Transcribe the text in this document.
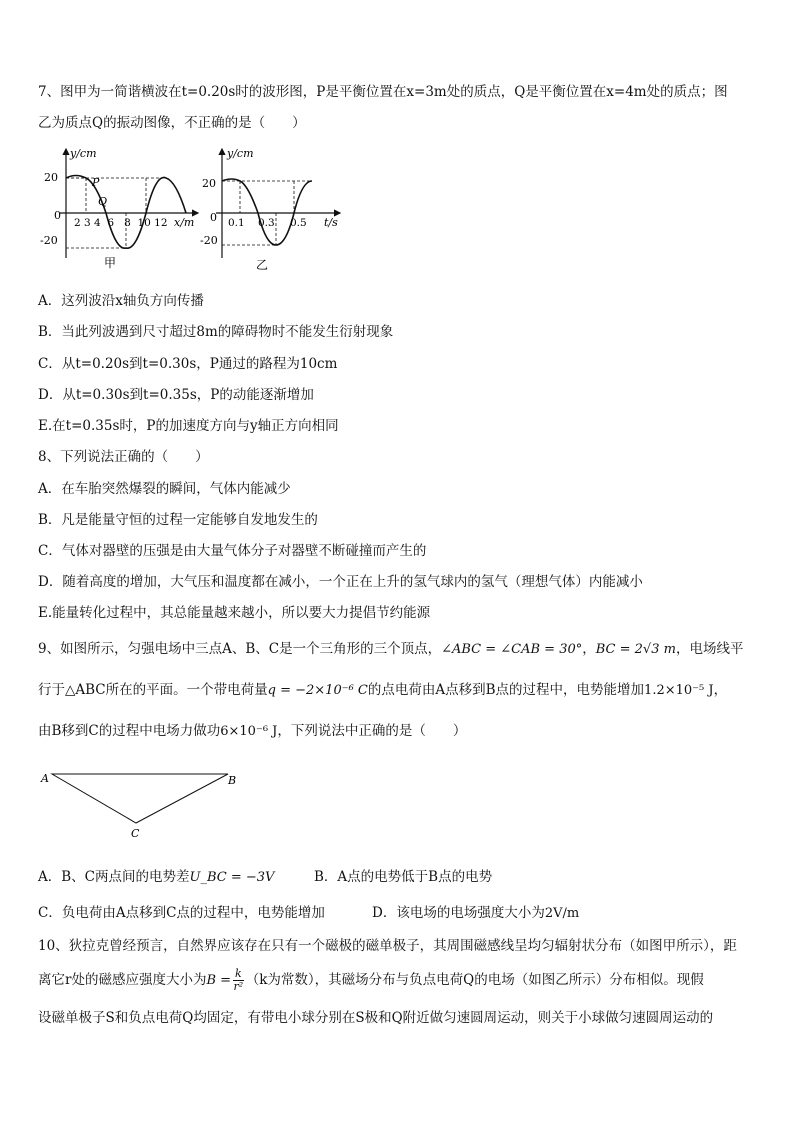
7、图甲为一简谐横波在t=0.20s时的波形图，P是平衡位置在x=3m处的质点，Q是平衡位置在x=4m处的质点；图
乙为质点Q的振动图像，不正确的是（　　）
y/cm
20
-20
0
P
Q
2 3 4  6   8  10 12 x/m
甲
y/cm
20
-20
0 0.1 0.3 0.5 t/s
乙
A．这列波沿x轴负方向传播
B．当此列波遇到尺寸超过8m的障碍物时不能发生衍射现象
C．从t=0.20s到t=0.30s，P通过的路程为10cm
D．从t=0.30s到t=0.35s，P的动能逐渐增加
E.在t=0.35s时，P的加速度方向与y轴正方向相同
8、下列说法正确的（　　）
A．在车胎突然爆裂的瞬间，气体内能减少
B．凡是能量守恒的过程一定能够自发地发生的
C．气体对器壁的压强是由大量气体分子对器壁不断碰撞而产生的
D．随着高度的增加，大气压和温度都在减小，一个正在上升的氢气球内的氢气（理想气体）内能减小
E.能量转化过程中，其总能量越来越小，所以要大力提倡节约能源
9、如图所示，匀强电场中三点A、B、C是一个三角形的三个顶点，∠ABC = ∠CAB = 30°，BC = 2√3 m，电场线平
行于△ABC所在的平面。一个带电荷量q = −2×10⁻⁶ C的点电荷由A点移到B点的过程中，电势能增加1.2×10⁻⁵ J，
由B移到C的过程中电场力做功6×10⁻⁶ J，下列说法中正确的是（　　）
A	B
C
A．B、C两点间的电势差U_BC = −3V	B．A点的电势低于B点的电势
C．负电荷由A点移到C点的过程中，电势能增加	D．该电场的电场强度大小为2V/m
10、狄拉克曾经预言，自然界应该存在只有一个磁极的磁单极子，其周围磁感线呈均匀辐射状分布（如图甲所示），距
离它r处的磁感应强度大小为$B = \frac{k}{\text{r²}} (k$为常数），其磁场分布与负点电荷Q的电场（如图乙所示）分布相似。现假
设磁单极子S和负点电荷Q均固定，有带电小球分别在S极和Q附近做匀速圆周运动，则关于小球做匀速圆周运动的
